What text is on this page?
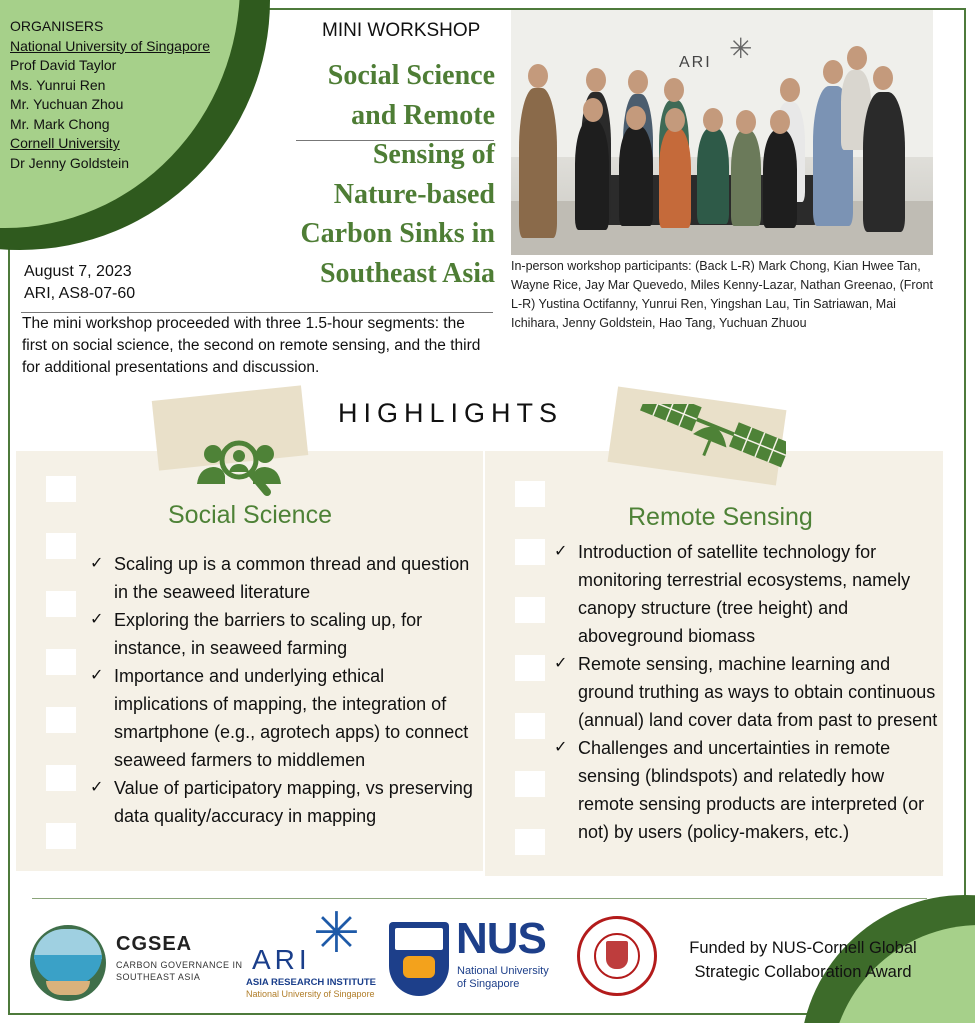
ORGANISERS
National University of Singapore
Prof David Taylor
Ms. Yunrui Ren
Mr. Yuchuan Zhou
Mr. Mark Chong
Cornell University
Dr Jenny Goldstein
August 7, 2023
ARI, AS8-07-60
MINI WORKSHOP
Social Science
and Remote
Sensing of
Nature-based
Carbon Sinks in
Southeast Asia
✳
ARI
In-person workshop participants: (Back L-R) Mark Chong, Kian Hwee Tan, Wayne Rice, Jay Mar Quevedo, Miles Kenny-Lazar, Nathan Greenao, (Front L-R) Yustina Octifanny, Yunrui Ren, Yingshan Lau, Tin Satriawan, Mai Ichihara, Jenny Goldstein, Hao Tang, Yuchuan Zhuou
The mini workshop proceeded with three 1.5-hour segments: the first on social science, the second on remote sensing, and the third for additional presentations and discussion.
HIGHLIGHTS
Social Science	Remote Sensing
✓ Scaling up is a common thread and question in the seaweed literature
✓ Exploring the barriers to scaling up, for instance, in seaweed farming
✓ Importance and underlying ethical implications of mapping, the integration of smartphone (e.g., agrotech apps) to connect seaweed farmers to middlemen
✓ Value of participatory mapping, vs preserving data quality/accuracy in mapping
✓ Introduction of satellite technology for monitoring terrestrial ecosystems, namely canopy structure (tree height) and aboveground biomass
✓ Remote sensing, machine learning and ground truthing as ways to obtain continuous (annual) land cover data from past to present
✓ Challenges and uncertainties in remote sensing (blindspots) and relatedly how remote sensing products are interpreted (or not) by users (policy-makers, etc.)
CGSEA
CARBON GOVERNANCE IN
SOUTHEAST ASIA
✳
ARI
ASIA RESEARCH INSTITUTE
National University of Singapore
NUS
National University
of Singapore
Funded by NUS-Cornell Global Strategic Collaboration Award
